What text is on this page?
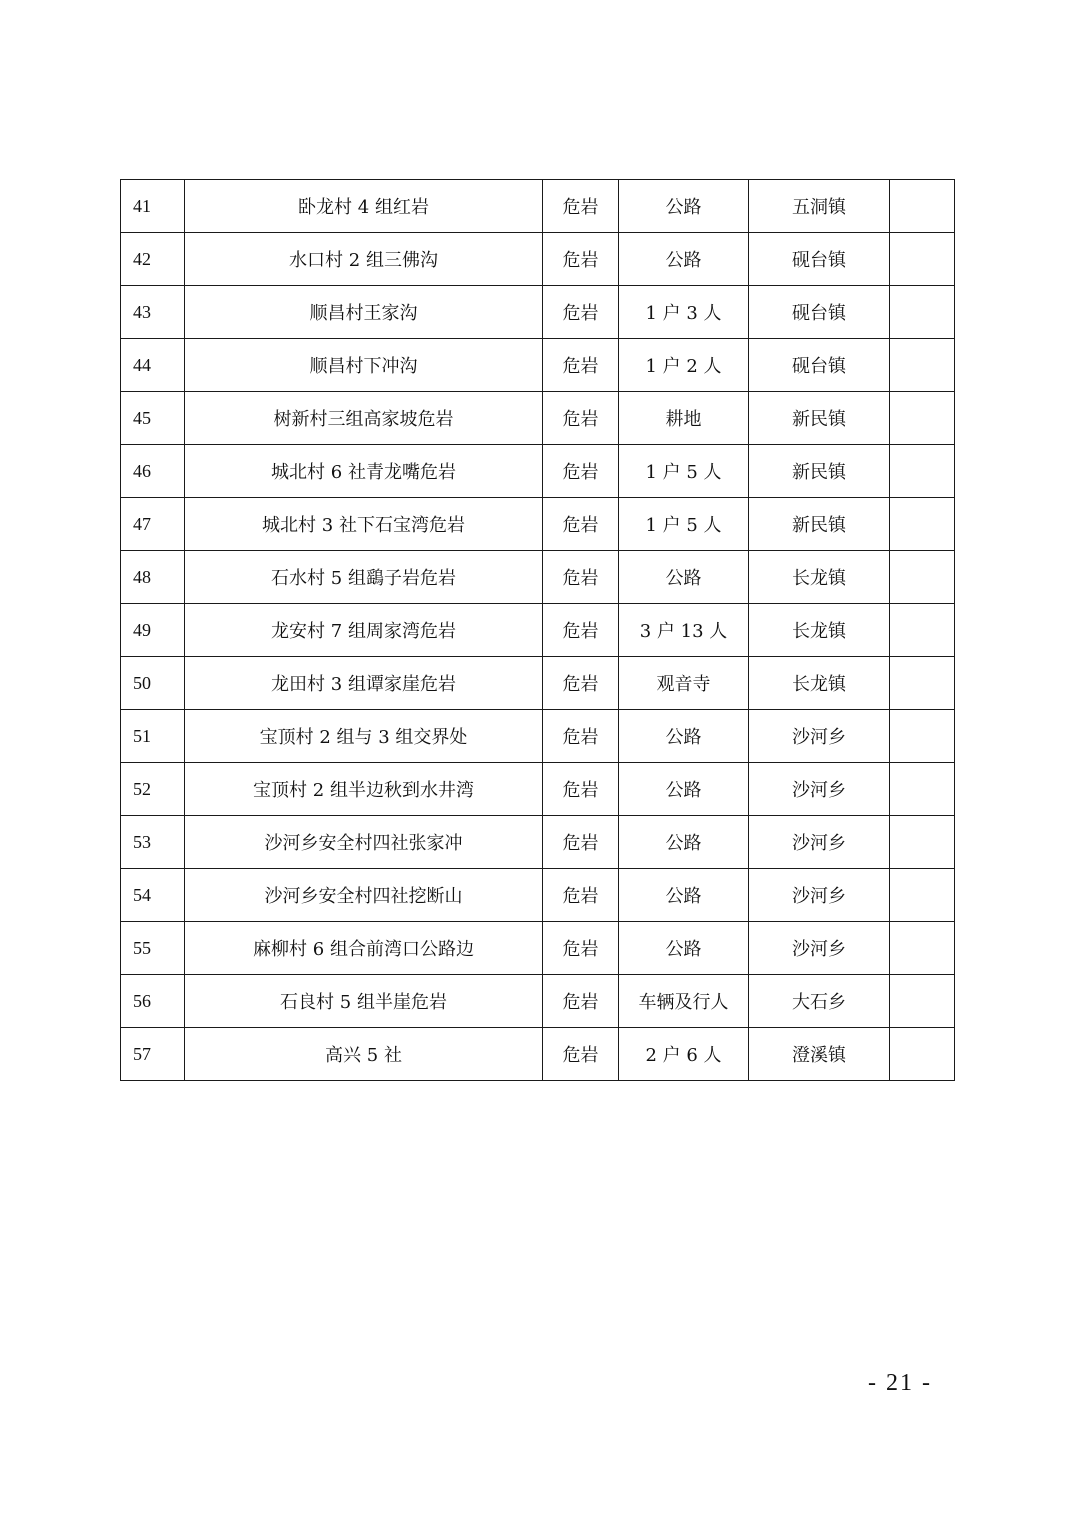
41	卧龙村 4 组红岩	危岩	公路	五洞镇	
42	水口村 2 组三佛沟	危岩	公路	砚台镇	
43	顺昌村王家沟	危岩	1 户 3 人	砚台镇	
44	顺昌村下冲沟	危岩	1 户 2 人	砚台镇	
45	树新村三组高家坡危岩	危岩	耕地	新民镇	
46	城北村 6 社青龙嘴危岩	危岩	1 户 5 人	新民镇	
47	城北村 3 社下石宝湾危岩	危岩	1 户 5 人	新民镇	
48	石水村 5 组鷂子岩危岩	危岩	公路	长龙镇	
49	龙安村 7 组周家湾危岩	危岩	3 户 13 人	长龙镇	
50	龙田村 3 组谭家崖危岩	危岩	观音寺	长龙镇	
51	宝顶村 2 组与 3 组交界处	危岩	公路	沙河乡	
52	宝顶村 2 组半边秋到水井湾	危岩	公路	沙河乡	
53	沙河乡安全村四社张家冲	危岩	公路	沙河乡	
54	沙河乡安全村四社挖断山	危岩	公路	沙河乡	
55	麻柳村 6 组合前湾口公路边	危岩	公路	沙河乡	
56	石良村 5 组半崖危岩	危岩	车辆及行人	大石乡	
57	高兴 5 社	危岩	2 户 6 人	澄溪镇	
- 21 -
